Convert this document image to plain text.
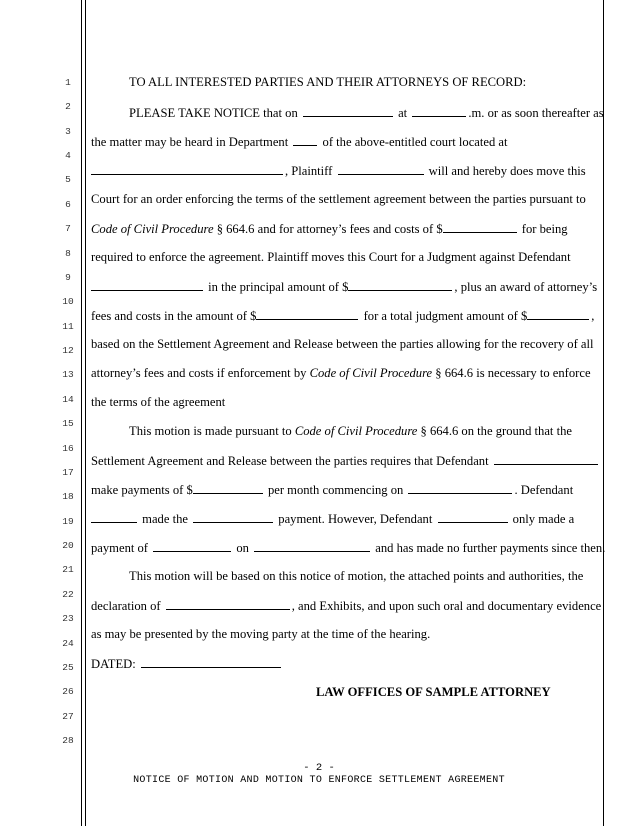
1
2
3
4
5
6
7
8
9
10
11
12
13
14
15
16
17
18
19
20
21
22
23
24
25
26
27
28
TO ALL INTERESTED PARTIES AND THEIR ATTORNEYS OF RECORD:
PLEASE TAKE NOTICE that on	at	.m. or as soon thereafter as
the matter may be heard in Department	of the above-entitled court located at
, Plaintiff	will and hereby does move this
Court for an order enforcing the terms of the settlement agreement between the parties pursuant to
Code of Civil Procedure § 664.6 and for attorney’s fees and costs of $	for being
required to enforce the agreement. Plaintiff moves this Court for a Judgment against Defendant
in the principal amount of $	, plus an award of attorney’s
fees and costs in the amount of $	for a total judgment amount of $	,
based on the Settlement Agreement and Release between the parties allowing for the recovery of all
attorney’s fees and costs if enforcement by Code of Civil Procedure § 664.6 is necessary to enforce
the terms of the agreement
This motion is made pursuant to Code of Civil Procedure § 664.6 on the ground that the
Settlement Agreement and Release between the parties requires that Defendant
make payments of $	per month commencing on	. Defendant
made the	payment. However, Defendant	only made a
payment of	on	and has made no further payments since then.
This motion will be based on this notice of motion, the attached points and authorities, the
declaration of	, and Exhibits, and upon such oral and documentary evidence
as may be presented by the moving party at the time of the hearing.
DATED:
LAW OFFICES OF SAMPLE ATTORNEY
- 2 -
NOTICE OF MOTION AND MOTION TO ENFORCE SETTLEMENT AGREEMENT
